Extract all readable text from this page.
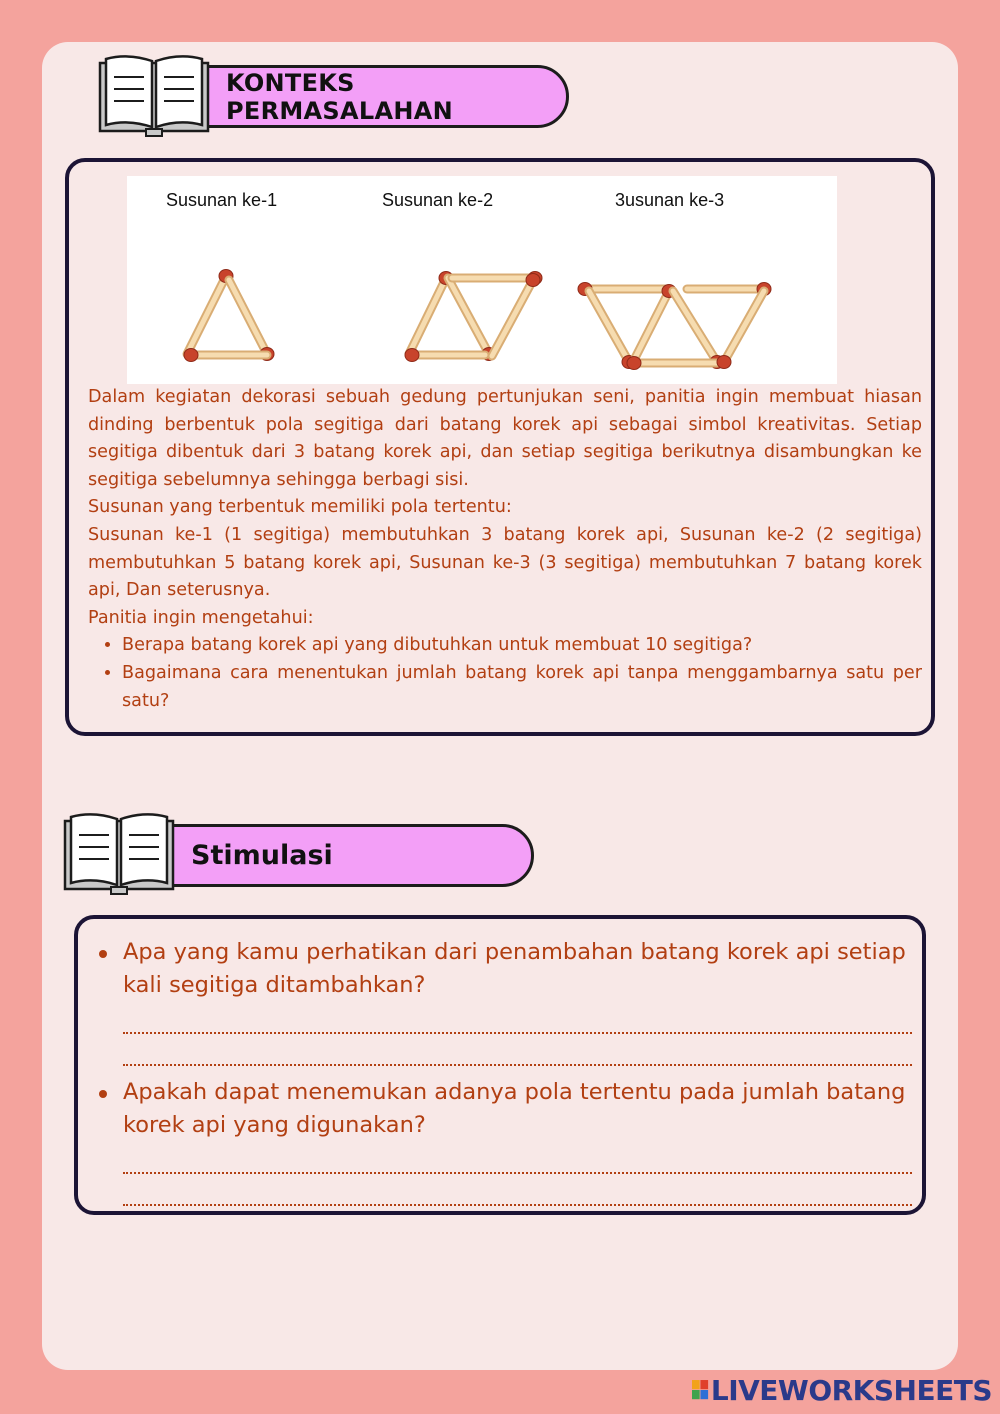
KONTEKS PERMASALAHAN
Susunan ke-1	Susunan ke-2	3usunan ke-3

Dalam kegiatan dekorasi sebuah gedung pertunjukan seni, panitia ingin membuat hiasan dinding berbentuk pola segitiga dari batang korek api sebagai simbol kreativitas. Setiap segitiga dibentuk dari 3 batang korek api, dan setiap segitiga berikutnya disambungkan ke segitiga sebelumnya sehingga berbagi sisi.

Susunan yang terbentuk memiliki pola tertentu:

Susunan ke-1 (1 segitiga) membutuhkan 3 batang korek api, Susunan ke-2 (2 segitiga) membutuhkan 5 batang korek api, Susunan ke-3 (3 segitiga) membutuhkan 7 batang korek api, Dan seterusnya.

Panitia ingin mengetahui:

• Berapa batang korek api yang dibutuhkan untuk membuat 10 segitiga?
• Bagaimana cara menentukan jumlah batang korek api tanpa menggambarnya satu per satu?
Stimulasi
Apa yang kamu perhatikan dari penambahan batang korek api setiap kali segitiga ditambahkan?
Apakah dapat menemukan adanya pola tertentu pada jumlah batang korek api yang digunakan?
LIVEWORKSHEETS
